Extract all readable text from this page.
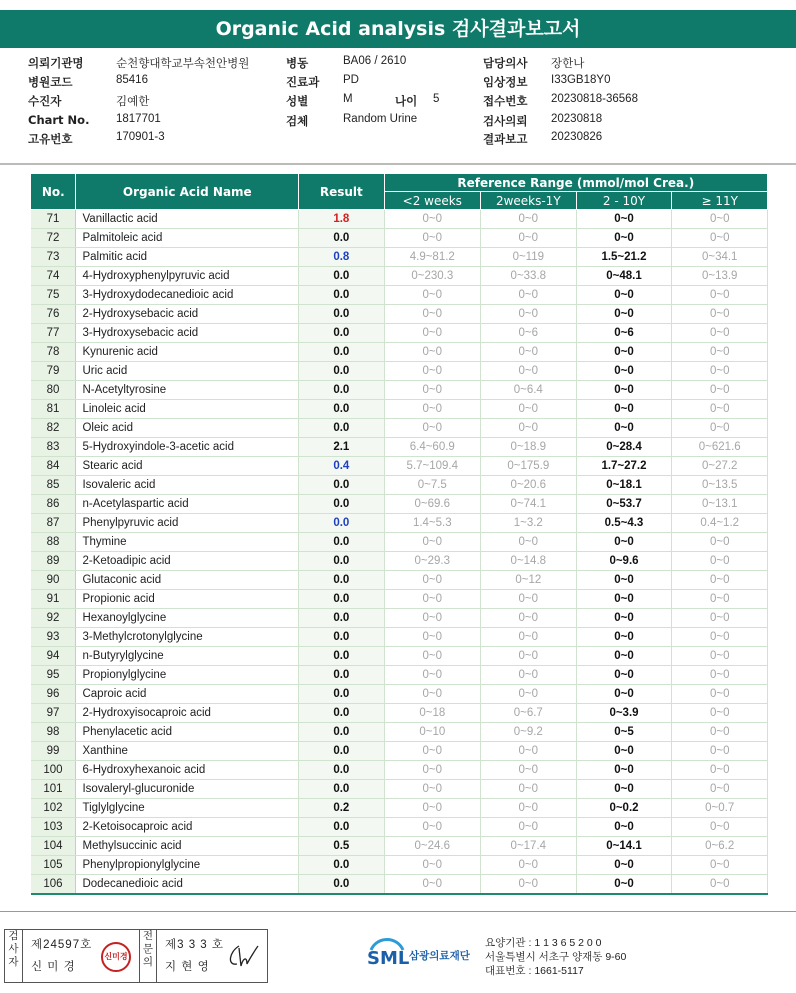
Organic Acid analysis 검사결과보고서
의뢰기관명	순천향대학교부속천안병원
병원코드	85416
수진자	김예한
Chart No. 1817701
고유번호	170901-3
병동	BA06 / 2610
진료과 PD
성별	M
검체	Random Urine
나이 5
담당의사 장한나
임상정보 I33GB18Y0
접수번호 20230818-36568
검사의뢰 20230818
결과보고 20230826
No.	Organic Acid Name	Result	Reference Range (mmol/mol Crea.)			
			<2 weeks	2weeks-1Y	2 - 10Y	≥ 11Y
71	Vanillactic acid	1.8	0~0	0~0	0~0	0~0
72	Palmitoleic acid	0.0	0~0	0~0	0~0	0~0
73	Palmitic acid	0.8	4.9~81.2	0~119	1.5~21.2	0~34.1
74	4-Hydroxyphenylpyruvic acid	0.0	0~230.3	0~33.8	0~48.1	0~13.9
75	3-Hydroxydodecanedioic acid	0.0	0~0	0~0	0~0	0~0
76	2-Hydroxysebacic acid	0.0	0~0	0~0	0~0	0~0
77	3-Hydroxysebacic acid	0.0	0~0	0~6	0~6	0~0
78	Kynurenic acid	0.0	0~0	0~0	0~0	0~0
79	Uric acid	0.0	0~0	0~0	0~0	0~0
80	N-Acetyltyrosine	0.0	0~0	0~6.4	0~0	0~0
81	Linoleic acid	0.0	0~0	0~0	0~0	0~0
82	Oleic acid	0.0	0~0	0~0	0~0	0~0
83	5-Hydroxyindole-3-acetic acid	2.1	6.4~60.9	0~18.9	0~28.4	0~621.6
84	Stearic acid	0.4	5.7~109.4	0~175.9	1.7~27.2	0~27.2
85	Isovaleric acid	0.0	0~7.5	0~20.6	0~18.1	0~13.5
86	n-Acetylaspartic acid	0.0	0~69.6	0~74.1	0~53.7	0~13.1
87	Phenylpyruvic acid	0.0	1.4~5.3	1~3.2	0.5~4.3	0.4~1.2
88	Thymine	0.0	0~0	0~0	0~0	0~0
89	2-Ketoadipic acid	0.0	0~29.3	0~14.8	0~9.6	0~0
90	Glutaconic acid	0.0	0~0	0~12	0~0	0~0
91	Propionic acid	0.0	0~0	0~0	0~0	0~0
92	Hexanoylglycine	0.0	0~0	0~0	0~0	0~0
93	3-Methylcrotonylglycine	0.0	0~0	0~0	0~0	0~0
94	n-Butyrylglycine	0.0	0~0	0~0	0~0	0~0
95	Propionylglycine	0.0	0~0	0~0	0~0	0~0
96	Caproic acid	0.0	0~0	0~0	0~0	0~0
97	2-Hydroxyisocaproic acid	0.0	0~18	0~6.7	0~3.9	0~0
98	Phenylacetic acid	0.0	0~10	0~9.2	0~5	0~0
99	Xanthine	0.0	0~0	0~0	0~0	0~0
100	6-Hydroxyhexanoic acid	0.0	0~0	0~0	0~0	0~0
101	Isovaleryl-glucuronide	0.0	0~0	0~0	0~0	0~0
102	Tiglylglycine	0.2	0~0	0~0	0~0.2	0~0.7
103	2-Ketoisocaproic acid	0.0	0~0	0~0	0~0	0~0
104	Methylsuccinic acid	0.5	0~24.6	0~17.4	0~14.1	0~6.2
105	Phenylpropionylglycine	0.0	0~0	0~0	0~0	0~0
106	Dodecanedioic acid	0.0	0~0	0~0	0~0	0~0
검사자
제24597호
신 미 경
신미경
전문의
제3 3 3 호
지 현 영	SML 삼광의료재단
요양기관 : 1 1 3 6 5 2 0 0
서울특별시 서초구 양재동 9-60
대표번호 : 1661-5117
